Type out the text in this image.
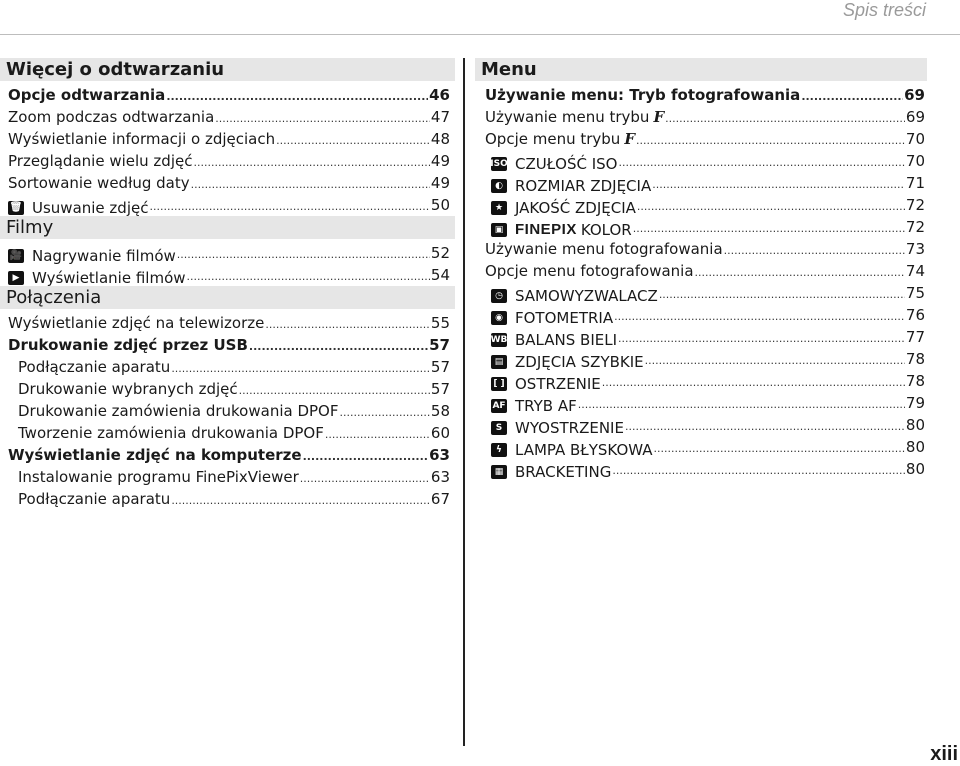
Spis treści
Więcej o odtwarzaniu
Opcje odtwarzania .....	46
Zoom podczas odtwarzania .....	47
Wyświetlanie informacji o zdjęciach .....	48
Przeglądanie wielu zdjęć .....	49
Sortowanie według daty .....	49
🗑 Usuwanie zdjęć .....	50
Filmy
🎥 Nagrywanie filmów .....	52
▶ Wyświetlanie filmów .....	54
Połączenia
Wyświetlanie zdjęć na telewizorze .....	55
Drukowanie zdjęć przez USB .....	57
Podłączanie aparatu .....	57
Drukowanie wybranych zdjęć .....	57
Drukowanie zamówienia drukowania DPOF .....	58
Tworzenie zamówienia drukowania DPOF .....	60
Wyświetlanie zdjęć na komputerze .....	63
Instalowanie programu FinePixViewer .....	63
Podłączanie aparatu .....	67
Menu
Używanie menu: Tryb fotografowania .....	69
Używanie menu trybu F .....	69
Opcje menu trybu F .....	70
ISO CZUŁOŚĆ ISO .....	70
◐ ROZMIAR ZDJĘCIA .....	71
★ JAKOŚĆ ZDJĘCIA .....	72
▣ FINEPIX KOLOR .....	72
Używanie menu fotografowania .....	73
Opcje menu fotografowania .....	74
◷ SAMOWYZWALACZ .....	75
◉ FOTOMETRIA .....	76
WB BALANS BIELI .....	77
▤ ZDJĘCIA SZYBKIE .....	78
[ ] OSTRZENIE .....	78
AF TRYB AF .....	79
S WYOSTRZENIE .....	80
ϟ LAMPA BŁYSKOWA .....	80
▦ BRACKETING .....	80
xiii
